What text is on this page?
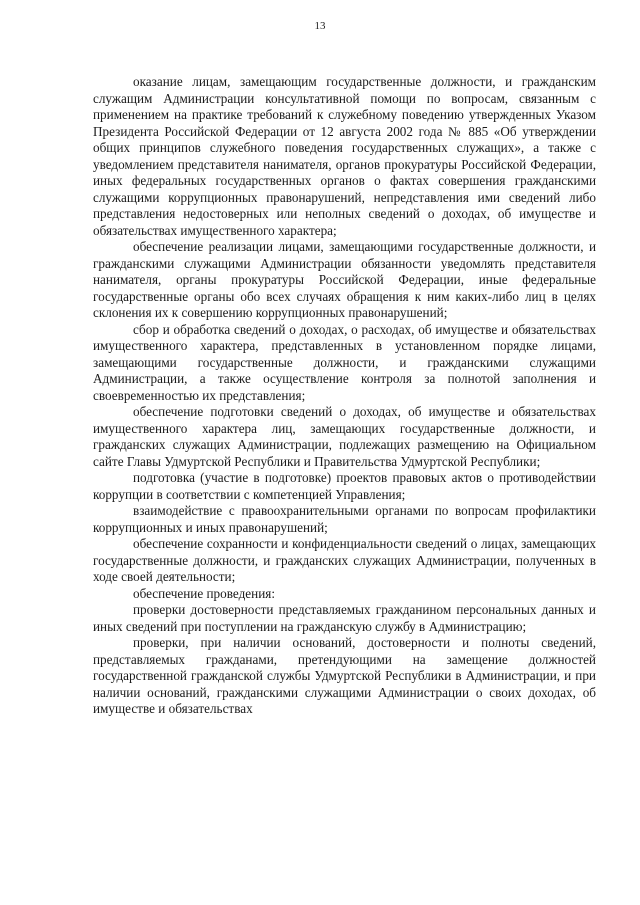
13

оказание лицам, замещающим государственные должности, и гражданским служащим Администрации консультативной помощи по вопросам, связанным с применением на практике требований к служебному поведению утвержденных Указом Президента Российской Федерации от 12 августа 2002 года № 885 «Об утверждении общих принципов служебного поведения государственных служащих», а также с уведомлением представителя нанимателя, органов прокуратуры Российской Федерации, иных федеральных государственных органов о фактах совершения гражданскими служащими коррупционных правонарушений, непредставления ими сведений либо представления недостоверных или неполных сведений о доходах, об имуществе и обязательствах имущественного характера;

обеспечение реализации лицами, замещающими государственные должности, и гражданскими служащими Администрации обязанности уведомлять представителя нанимателя, органы прокуратуры Российской Федерации, иные федеральные государственные органы обо всех случаях обращения к ним каких-либо лиц в целях склонения их к совершению коррупционных правонарушений;

сбор и обработка сведений о доходах, о расходах, об имуществе и обязательствах имущественного характера, представленных в установленном порядке лицами, замещающими государственные должности, и гражданскими служащими Администрации, а также осуществление контроля за полнотой заполнения и своевременностью их представления;

обеспечение подготовки сведений о доходах, об имуществе и обязательствах имущественного характера лиц, замещающих государственные должности, и гражданских служащих Администрации, подлежащих размещению на Официальном сайте Главы Удмуртской Республики и Правительства Удмуртской Республики;

подготовка (участие в подготовке) проектов правовых актов о противодействии коррупции в соответствии с компетенцией Управления;

взаимодействие с правоохранительными органами по вопросам профилактики коррупционных и иных правонарушений;

обеспечение сохранности и конфиденциальности сведений о лицах, замещающих государственные должности, и гражданских служащих Администрации, полученных в ходе своей деятельности;

обеспечение проведения:

проверки достоверности представляемых гражданином персональных данных и иных сведений при поступлении на гражданскую службу в Администрацию;

проверки, при наличии оснований, достоверности и полноты сведений, представляемых гражданами, претендующими на замещение должностей государственной гражданской службы Удмуртской Республики в Администрации, и при наличии оснований, гражданскими служащими Администрации о своих доходах, об имуществе и обязательствах
